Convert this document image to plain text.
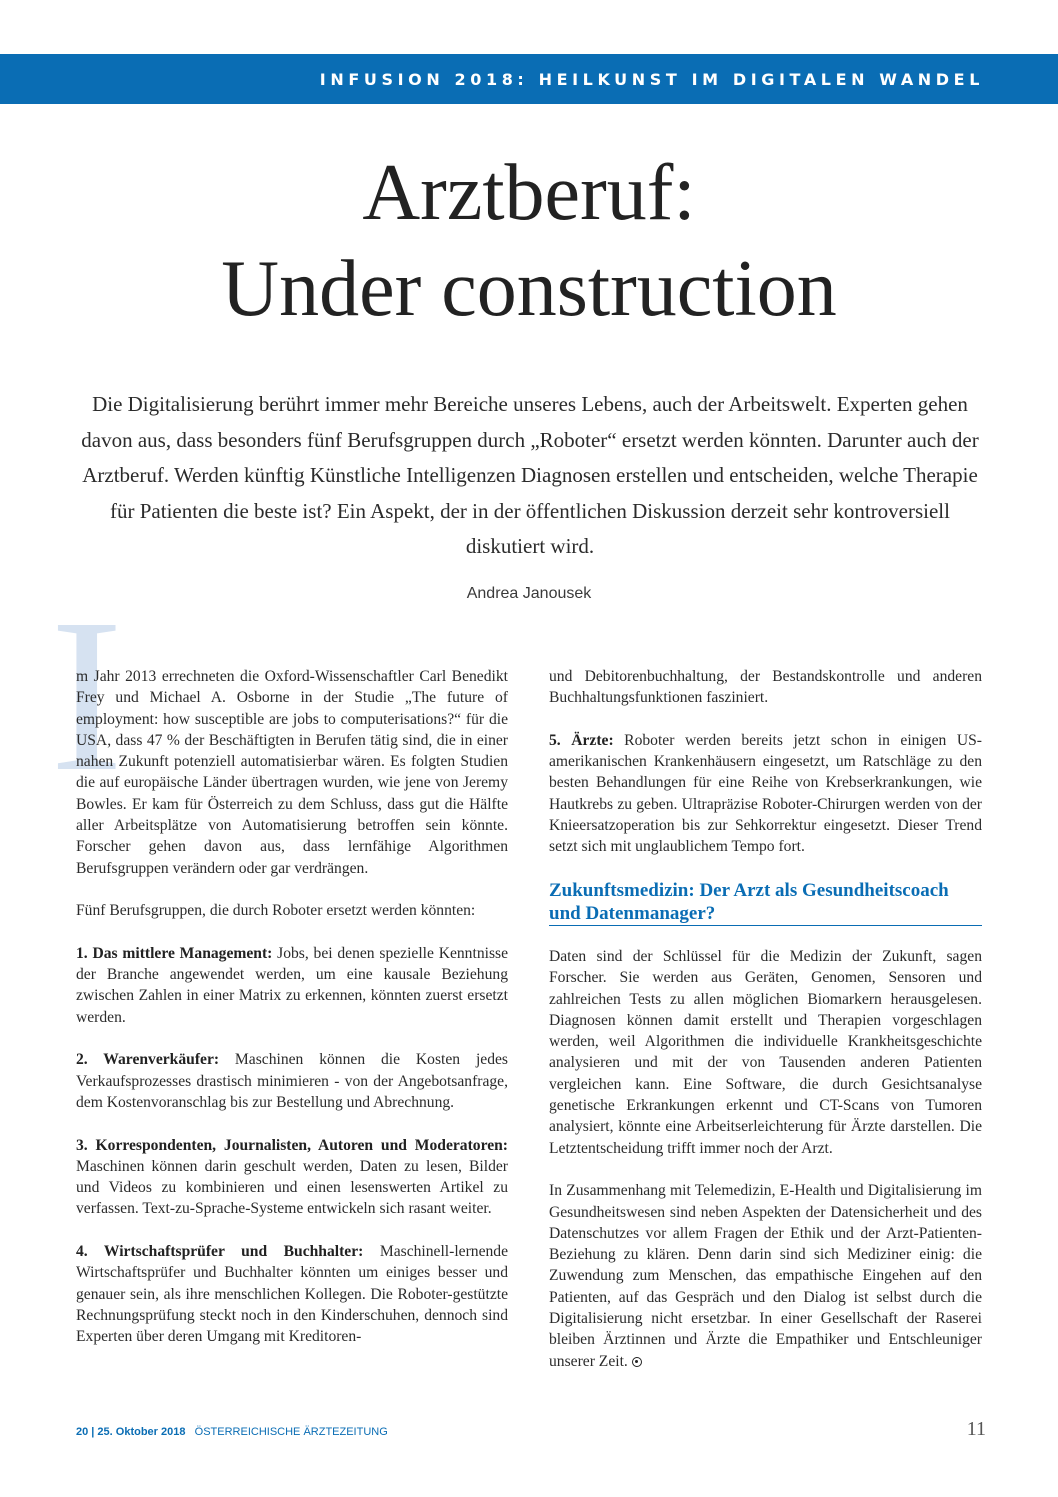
INFUSION 2018: HEILKUNST IM DIGITALEN WANDEL
Arztberuf:
Under construction
Die Digitalisierung berührt immer mehr Bereiche unseres Lebens, auch der Arbeitswelt. Experten gehen davon aus, dass besonders fünf Berufsgruppen durch „Roboter“ ersetzt werden könnten. Darunter auch der Arztberuf. Werden künftig Künstliche Intelligenzen Diagnosen erstellen und entscheiden, welche Therapie für Patienten die beste ist? Ein Aspekt, der in der öffentlichen Diskussion derzeit sehr kontroversiell diskutiert wird.
Andrea Janousek
I

m Jahr 2013 errechneten die Oxford-Wissenschaftler Carl Benedikt Frey und Michael A. Osborne in der Studie „The future of employment: how susceptible are jobs to computerisations?“ für die USA, dass 47 % der Beschäftigten in Berufen tätig sind, die in einer nahen Zukunft potenziell automatisierbar wären. Es folgten Studien die auf europäische Länder übertragen wurden, wie jene von Jeremy Bowles. Er kam für Österreich zu dem Schluss, dass gut die Hälfte aller Arbeitsplätze von Automatisierung betroffen sein könnte. Forscher gehen davon aus, dass lernfähige Algorithmen Berufsgruppen verändern oder gar verdrängen.

Fünf Berufsgruppen, die durch Roboter ersetzt werden könnten:

1. Das mittlere Management: Jobs, bei denen spezielle Kenntnisse der Branche angewendet werden, um eine kausale Beziehung zwischen Zahlen in einer Matrix zu erkennen, könnten zuerst ersetzt werden.

2. Warenverkäufer: Maschinen können die Kosten jedes Verkaufsprozesses drastisch minimieren - von der Angebotsanfrage, dem Kostenvoranschlag bis zur Bestellung und Abrechnung.

3. Korrespondenten, Journalisten, Autoren und Moderatoren: Maschinen können darin geschult werden, Daten zu lesen, Bilder und Videos zu kombinieren und einen lesenswerten Artikel zu verfassen. Text-zu-Sprache-Systeme entwickeln sich rasant weiter.

4. Wirtschaftsprüfer und Buchhalter: Maschinell-lernende Wirtschaftsprüfer und Buchhalter könnten um einiges besser und genauer sein, als ihre menschlichen Kollegen. Die Roboter-gestützte Rechnungsprüfung steckt noch in den Kinderschuhen, dennoch sind Experten über deren Umgang mit Kreditoren-

und Debitorenbuchhaltung, der Bestandskontrolle und anderen Buchhaltungsfunktionen fasziniert.

5. Ärzte: Roboter werden bereits jetzt schon in einigen US-amerikanischen Krankenhäusern eingesetzt, um Ratschläge zu den besten Behandlungen für eine Reihe von Krebserkrankungen, wie Hautkrebs zu geben. Ultrapräzise Roboter-Chirurgen werden von der Knieersatzoperation bis zur Sehkorrektur eingesetzt. Dieser Trend setzt sich mit unglaublichem Tempo fort.

Zukunftsmedizin: Der Arzt als Gesundheitscoach und Datenmanager?

Daten sind der Schlüssel für die Medizin der Zukunft, sagen Forscher. Sie werden aus Geräten, Genomen, Sensoren und zahlreichen Tests zu allen möglichen Biomarkern herausgelesen. Diagnosen können damit erstellt und Therapien vorgeschlagen werden, weil Algorithmen die individuelle Krankheitsgeschichte analysieren und mit der von Tausenden anderen Patienten vergleichen kann. Eine Software, die durch Gesichtsanalyse genetische Erkrankungen erkennt und CT-Scans von Tumoren analysiert, könnte eine Arbeitserleichterung für Ärzte darstellen. Die Letztentscheidung trifft immer noch der Arzt.

In Zusammenhang mit Telemedizin, E-Health und Digitalisierung im Gesundheitswesen sind neben Aspekten der Datensicherheit und des Datenschutzes vor allem Fragen der Ethik und der Arzt-Patienten-Beziehung zu klären. Denn darin sind sich Mediziner einig: die Zuwendung zum Menschen, das empathische Eingehen auf den Patienten, auf das Gespräch und den Dialog ist selbst durch die Digitalisierung nicht ersetzbar. In einer Gesellschaft der Raserei bleiben Ärztinnen und Ärzte die Empathiker und Entschleuniger unserer Zeit.

20 | 25. Oktober 2018 ÖSTERREICHISCHE ÄRZTEZEITUNG	11
